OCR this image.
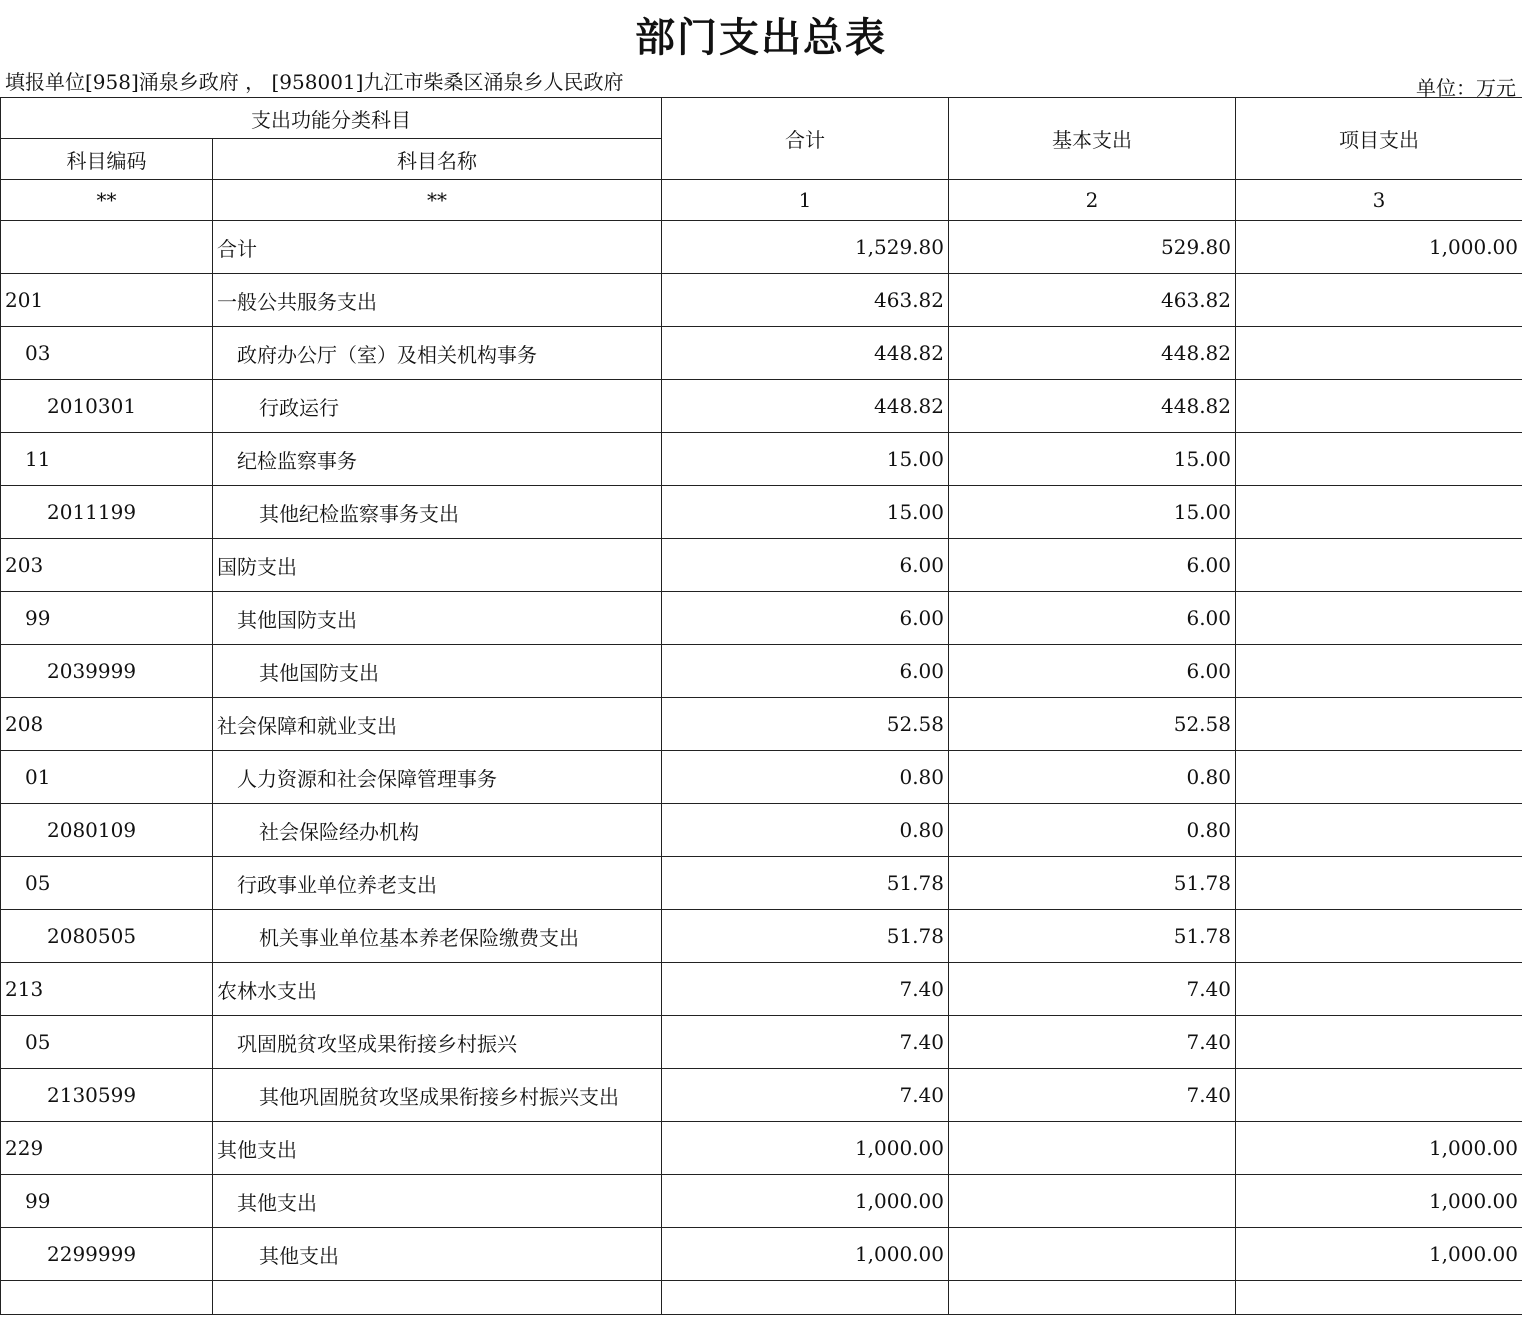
部门支出总表
填报单位[958]涌泉乡政府 ， [958001]九江市柴桑区涌泉乡人民政府	单位：万元
支出功能分类科目		合计	基本支出	项目支出
科目编码	科目名称			
**	**	1	2	3
	合计	1,529.80	529.80	1,000.00
201	一般公共服务支出	463.82	463.82	
03	政府办公厅（室）及相关机构事务	448.82	448.82	
2010301	行政运行	448.82	448.82	
11	纪检监察事务	15.00	15.00	
2011199	其他纪检监察事务支出	15.00	15.00	
203	国防支出	6.00	6.00	
99	其他国防支出	6.00	6.00	
2039999	其他国防支出	6.00	6.00	
208	社会保障和就业支出	52.58	52.58	
01	人力资源和社会保障管理事务	0.80	0.80	
2080109	社会保险经办机构	0.80	0.80	
05	行政事业单位养老支出	51.78	51.78	
2080505	机关事业单位基本养老保险缴费支出	51.78	51.78	
213	农林水支出	7.40	7.40	
05	巩固脱贫攻坚成果衔接乡村振兴	7.40	7.40	
2130599	其他巩固脱贫攻坚成果衔接乡村振兴支出	7.40	7.40	
229	其他支出	1,000.00		1,000.00
99	其他支出	1,000.00		1,000.00
2299999	其他支出	1,000.00		1,000.00
